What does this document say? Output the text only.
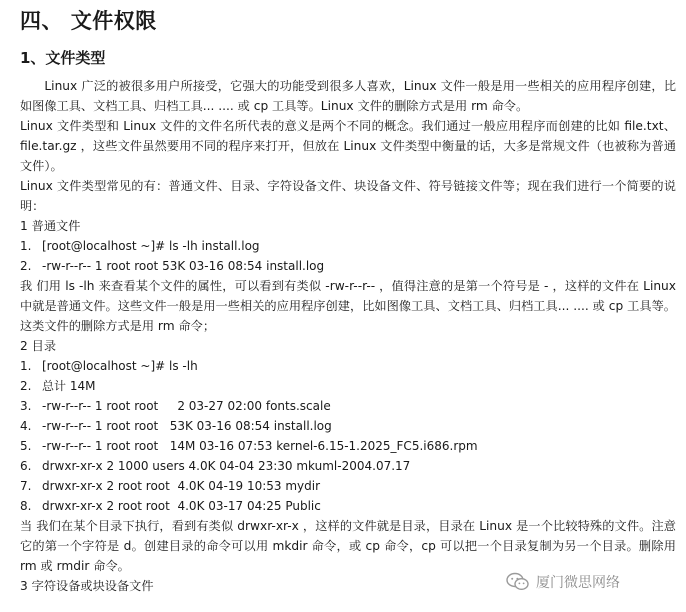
四、 文件权限
1、文件类型

Linux 广泛的被很多用户所接受，它强大的功能受到很多人喜欢，Linux 文件一般是用一些相关的应用程序创建，比如图像工具、文档工具、归档工具... .... 或 cp 工具等。Linux 文件的删除方式是用 rm 命令。

Linux 文件类型和 Linux 文件的文件名所代表的意义是两个不同的概念。我们通过一般应用程序而创建的比如 file.txt、file.tar.gz ，这些文件虽然要用不同的程序来打开，但放在 Linux 文件类型中衡量的话，大多是常规文件（也被称为普通文件）。

Linux 文件类型常见的有：普通文件、目录、字符设备文件、块设备文件、符号链接文件等；现在我们进行一个简要的说明：

1 普通文件
1. [root@localhost ~]# ls -lh install.log
2. -rw-r--r-- 1 root root 53K 03-16 08:54 install.log

我 们用 ls -lh 来查看某个文件的属性，可以看到有类似 -rw-r--r-- ，值得注意的是第一个符号是 - ，这样的文件在 Linux 中就是普通文件。这些文件一般是用一些相关的应用程序创建，比如图像工具、文档工具、归档工具... .... 或 cp 工具等。这类文件的删除方式是用 rm 命令；

2 目录
1. [root@localhost ~]# ls -lh
2. 总计 14M
3. -rw-r--r-- 1 root root     2 03-27 02:00 fonts.scale
4. -rw-r--r-- 1 root root   53K 03-16 08:54 install.log
5. -rw-r--r-- 1 root root   14M 03-16 07:53 kernel-6.15-1.2025_FC5.i686.rpm
6. drwxr-xr-x 2 1000 users 4.0K 04-04 23:30 mkuml-2004.07.17
7. drwxr-xr-x 2 root root  4.0K 04-19 10:53 mydir
8. drwxr-xr-x 2 root root  4.0K 03-17 04:25 Public

当 我们在某个目录下执行，看到有类似 drwxr-xr-x ，这样的文件就是目录，目录在 Linux 是一个比较特殊的文件。注意它的第一个字符是 d。创建目录的命令可以用 mkdir 命令，或 cp 命令，cp 可以把一个目录复制为另一个目录。删除用 rm 或 rmdir 命令。

3 字符设备或块设备文件	厦门微思网络
